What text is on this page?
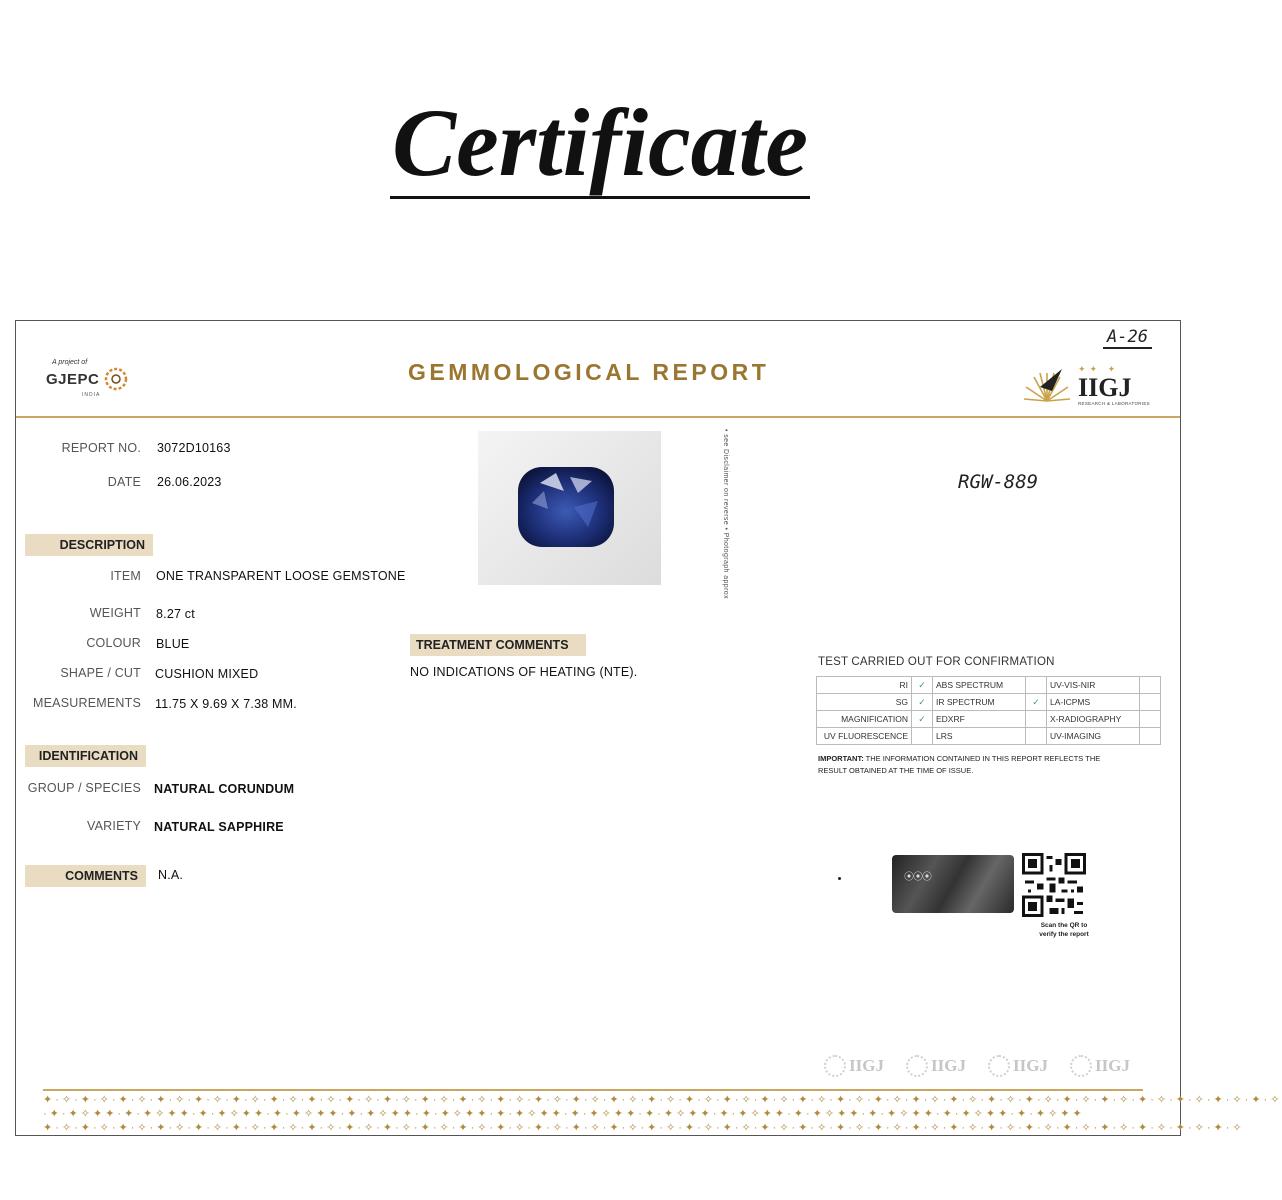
Certificate
A project of
GJEPC
INDIA
GEMMOLOGICAL REPORT
A-26
✦✦ ✦
IIGJ
RESEARCH & LABORATORIES
REPORT NO. 3072D10163
DATE 26.06.2023
DESCRIPTION
ITEM ONE TRANSPARENT LOOSE GEMSTONE
WEIGHT 8.27 ct
COLOUR BLUE
SHAPE / CUT CUSHION MIXED
MEASUREMENTS 11.75 X 9.69 X 7.38 MM.
IDENTIFICATION
GROUP / SPECIES NATURAL CORUNDUM
VARIETY NATURAL SAPPHIRE
COMMENTS	N.A.
• see Disclaimer on reverse • Photograph approx	RGW-889
TREATMENT COMMENTS
NO INDICATIONS OF HEATING (NTE).
TEST CARRIED OUT FOR CONFIRMATION
RI	✓	ABS SPECTRUM		UV-VIS-NIR	
SG	✓	IR SPECTRUM	✓	LA-ICPMS	
MAGNIFICATION	✓	EDXRF		X-RADIOGRAPHY	
UV FLUORESCENCE		LRS		UV-IMAGING	
IMPORTANT: THE INFORMATION CONTAINED IN THIS REPORT REFLECTS THE RESULT OBTAINED AT THE TIME OF ISSUE.
⦿⦿⦿
Scan the QR to verify the report
IIGJ	IIGJ	IIGJ	IIGJ
✦·✧·✦·✧·✦·✧·✦·✧·✦·✧·✦·✧·✦·✧·✦·✧·✦·✧·✦·✧·✦·✧·✦·✧·✦·✧·✦·✧·✦·✧·✦·✧·✦·✧·✦·✧·✦·✧·✦·✧·✦·✧·✦·✧·✦·✧·✦·✧·✦·✧·✦·✧·✦·✧·✦·✧·✦·✧·✦·✧·✦·✧·✦·✧·✦·✧
·✦·✦✧✦✦·✦·✦✧✦✦·✦·✦✧✦✦·✦·✦✧✦✦·✦·✦✧✦✦·✦·✦✧✦✦·✦·✦✧✦✦·✦·✦✧✦✦·✦·✦✧✦✦·✦·✦✧✦✦·✦·✦✧✦✦·✦·✦✧✦✦·✦·✦✧✦✦·✦·✦✧✦✦
✦·✧·✦·✧·✦·✧·✦·✧·✦·✧·✦·✧·✦·✧·✦·✧·✦·✧·✦·✧·✦·✧·✦·✧·✦·✧·✦·✧·✦·✧·✦·✧·✦·✧·✦·✧·✦·✧·✦·✧·✦·✧·✦·✧·✦·✧·✦·✧·✦·✧·✦·✧·✦·✧·✦·✧·✦·✧·✦·✧·✦·✧·✦·✧
